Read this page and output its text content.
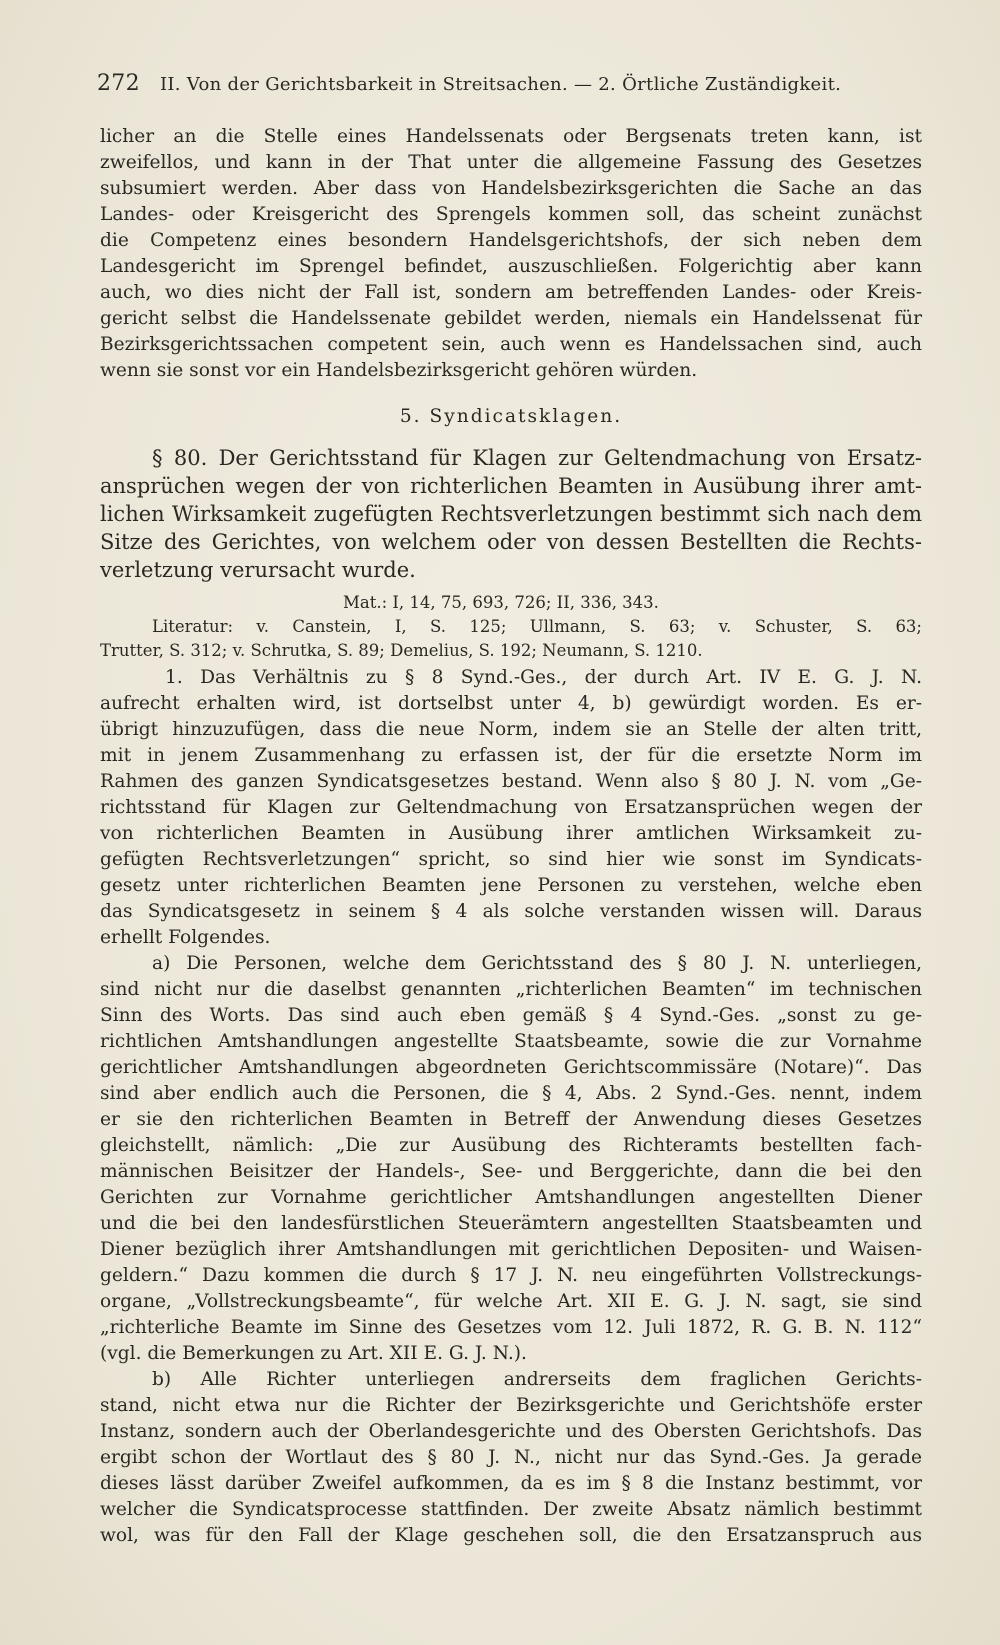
272 II. Von der Gerichtsbarkeit in Streitsachen. — 2. Örtliche Zuständigkeit.
licher an die Stelle eines Handelssenats oder Bergsenats treten kann, ist
zweifellos, und kann in der That unter die allgemeine Fassung des Gesetzes
subsumiert werden. Aber dass von Handelsbezirksgerichten die Sache an das
Landes- oder Kreisgericht des Sprengels kommen soll, das scheint zunächst
die Competenz eines besondern Handelsgerichtshofs, der sich neben dem
Landesgericht im Sprengel befindet, auszuschließen. Folgerichtig aber kann
auch, wo dies nicht der Fall ist, sondern am betreffenden Landes- oder Kreis-
gericht selbst die Handelssenate gebildet werden, niemals ein Handelssenat für
Bezirksgerichtssachen competent sein, auch wenn es Handelssachen sind, auch
wenn sie sonst vor ein Handelsbezirksgericht gehören würden.
5. Syndicatsklagen.
§ 80. Der Gerichtsstand für Klagen zur Geltendmachung von Ersatz-
ansprüchen wegen der von richterlichen Beamten in Ausübung ihrer amt-
lichen Wirksamkeit zugefügten Rechtsverletzungen bestimmt sich nach dem
Sitze des Gerichtes, von welchem oder von dessen Bestellten die Rechts-
verletzung verursacht wurde.
Mat.: I, 14, 75, 693, 726; II, 336, 343.
Literatur: v. Canstein, I, S. 125; Ullmann, S. 63; v. Schuster, S. 63;
Trutter, S. 312; v. Schrutka, S. 89; Demelius, S. 192; Neumann, S. 1210.
1. Das Verhältnis zu § 8 Synd.-Ges., der durch Art. IV E. G. J. N.
aufrecht erhalten wird, ist dortselbst unter 4, b) gewürdigt worden. Es er-
übrigt hinzuzufügen, dass die neue Norm, indem sie an Stelle der alten tritt,
mit in jenem Zusammenhang zu erfassen ist, der für die ersetzte Norm im
Rahmen des ganzen Syndicatsgesetzes bestand. Wenn also § 80 J. N. vom „Ge-
richtsstand für Klagen zur Geltendmachung von Ersatzansprüchen wegen der
von richterlichen Beamten in Ausübung ihrer amtlichen Wirksamkeit zu-
gefügten Rechtsverletzungen“ spricht, so sind hier wie sonst im Syndicats-
gesetz unter richterlichen Beamten jene Personen zu verstehen, welche eben
das Syndicatsgesetz in seinem § 4 als solche verstanden wissen will. Daraus
erhellt Folgendes.
a) Die Personen, welche dem Gerichtsstand des § 80 J. N. unterliegen,
sind nicht nur die daselbst genannten „richterlichen Beamten“ im technischen
Sinn des Worts. Das sind auch eben gemäß § 4 Synd.-Ges. „sonst zu ge-
richtlichen Amtshandlungen angestellte Staatsbeamte, sowie die zur Vornahme
gerichtlicher Amtshandlungen abgeordneten Gerichtscommissäre (Notare)“. Das
sind aber endlich auch die Personen, die § 4, Abs. 2 Synd.-Ges. nennt, indem
er sie den richterlichen Beamten in Betreff der Anwendung dieses Gesetzes
gleichstellt, nämlich: „Die zur Ausübung des Richteramts bestellten fach-
männischen Beisitzer der Handels-, See- und Berggerichte, dann die bei den
Gerichten zur Vornahme gerichtlicher Amtshandlungen angestellten Diener
und die bei den landesfürstlichen Steuerämtern angestellten Staatsbeamten und
Diener bezüglich ihrer Amtshandlungen mit gerichtlichen Depositen- und Waisen-
geldern.“ Dazu kommen die durch § 17 J. N. neu eingeführten Vollstreckungs-
organe, „Vollstreckungsbeamte“, für welche Art. XII E. G. J. N. sagt, sie sind
„richterliche Beamte im Sinne des Gesetzes vom 12. Juli 1872, R. G. B. N. 112“
(vgl. die Bemerkungen zu Art. XII E. G. J. N.).
b) Alle Richter unterliegen andrerseits dem fraglichen Gerichts-
stand, nicht etwa nur die Richter der Bezirksgerichte und Gerichtshöfe erster
Instanz, sondern auch der Oberlandesgerichte und des Obersten Gerichtshofs. Das
ergibt schon der Wortlaut des § 80 J. N., nicht nur das Synd.-Ges. Ja gerade
dieses lässt darüber Zweifel aufkommen, da es im § 8 die Instanz bestimmt, vor
welcher die Syndicatsprocesse stattfinden. Der zweite Absatz nämlich bestimmt
wol, was für den Fall der Klage geschehen soll, die den Ersatzanspruch aus
